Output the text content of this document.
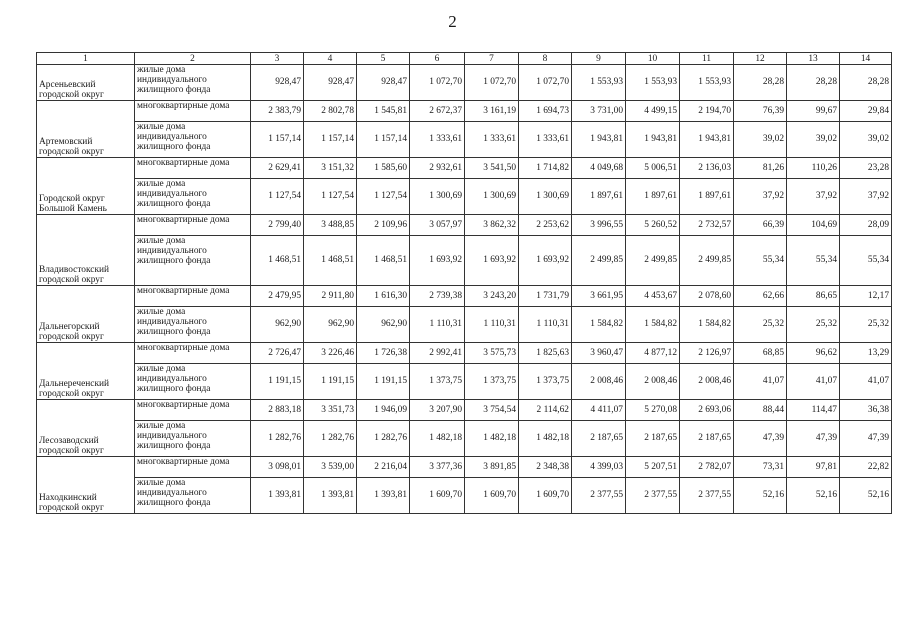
2
1	2	3	4	5	6	7	8	9	10	11	12	13	14
Арсеньевский городской округ	жилые дома индивидуального жилищного фонда	928,47	928,47	928,47	1 072,70	1 072,70	1 072,70	1 553,93	1 553,93	1 553,93	28,28	28,28	28,28
Артемовский городской округ	многоквартирные дома	2 383,79	2 802,78	1 545,81	2 672,37	3 161,19	1 694,73	3 731,00	4 499,15	2 194,70	76,39	99,67	29,84
	жилые дома индивидуального жилищного фонда	1 157,14	1 157,14	1 157,14	1 333,61	1 333,61	1 333,61	1 943,81	1 943,81	1 943,81	39,02	39,02	39,02
Городской округ Большой Камень	многоквартирные дома	2 629,41	3 151,32	1 585,60	2 932,61	3 541,50	1 714,82	4 049,68	5 006,51	2 136,03	81,26	110,26	23,28
	жилые дома индивидуального жилищного фонда	1 127,54	1 127,54	1 127,54	1 300,69	1 300,69	1 300,69	1 897,61	1 897,61	1 897,61	37,92	37,92	37,92
Владивостокский городской округ	многоквартирные дома	2 799,40	3 488,85	2 109,96	3 057,97	3 862,32	2 253,62	3 996,55	5 260,52	2 732,57	66,39	104,69	28,09
	жилые дома индивидуального жилищного фонда	1 468,51	1 468,51	1 468,51	1 693,92	1 693,92	1 693,92	2 499,85	2 499,85	2 499,85	55,34	55,34	55,34
Дальнегорский городской округ	многоквартирные дома	2 479,95	2 911,80	1 616,30	2 739,38	3 243,20	1 731,79	3 661,95	4 453,67	2 078,60	62,66	86,65	12,17
	жилые дома индивидуального жилищного фонда	962,90	962,90	962,90	1 110,31	1 110,31	1 110,31	1 584,82	1 584,82	1 584,82	25,32	25,32	25,32
Дальнереченский городской округ	многоквартирные дома	2 726,47	3 226,46	1 726,38	2 992,41	3 575,73	1 825,63	3 960,47	4 877,12	2 126,97	68,85	96,62	13,29
	жилые дома индивидуального жилищного фонда	1 191,15	1 191,15	1 191,15	1 373,75	1 373,75	1 373,75	2 008,46	2 008,46	2 008,46	41,07	41,07	41,07
Лесозаводский городской округ	многоквартирные дома	2 883,18	3 351,73	1 946,09	3 207,90	3 754,54	2 114,62	4 411,07	5 270,08	2 693,06	88,44	114,47	36,38
	жилые дома индивидуального жилищного фонда	1 282,76	1 282,76	1 282,76	1 482,18	1 482,18	1 482,18	2 187,65	2 187,65	2 187,65	47,39	47,39	47,39
Находкинский городской округ	многоквартирные дома	3 098,01	3 539,00	2 216,04	3 377,36	3 891,85	2 348,38	4 399,03	5 207,51	2 782,07	73,31	97,81	22,82
	жилые дома индивидуального жилищного фонда	1 393,81	1 393,81	1 393,81	1 609,70	1 609,70	1 609,70	2 377,55	2 377,55	2 377,55	52,16	52,16	52,16
